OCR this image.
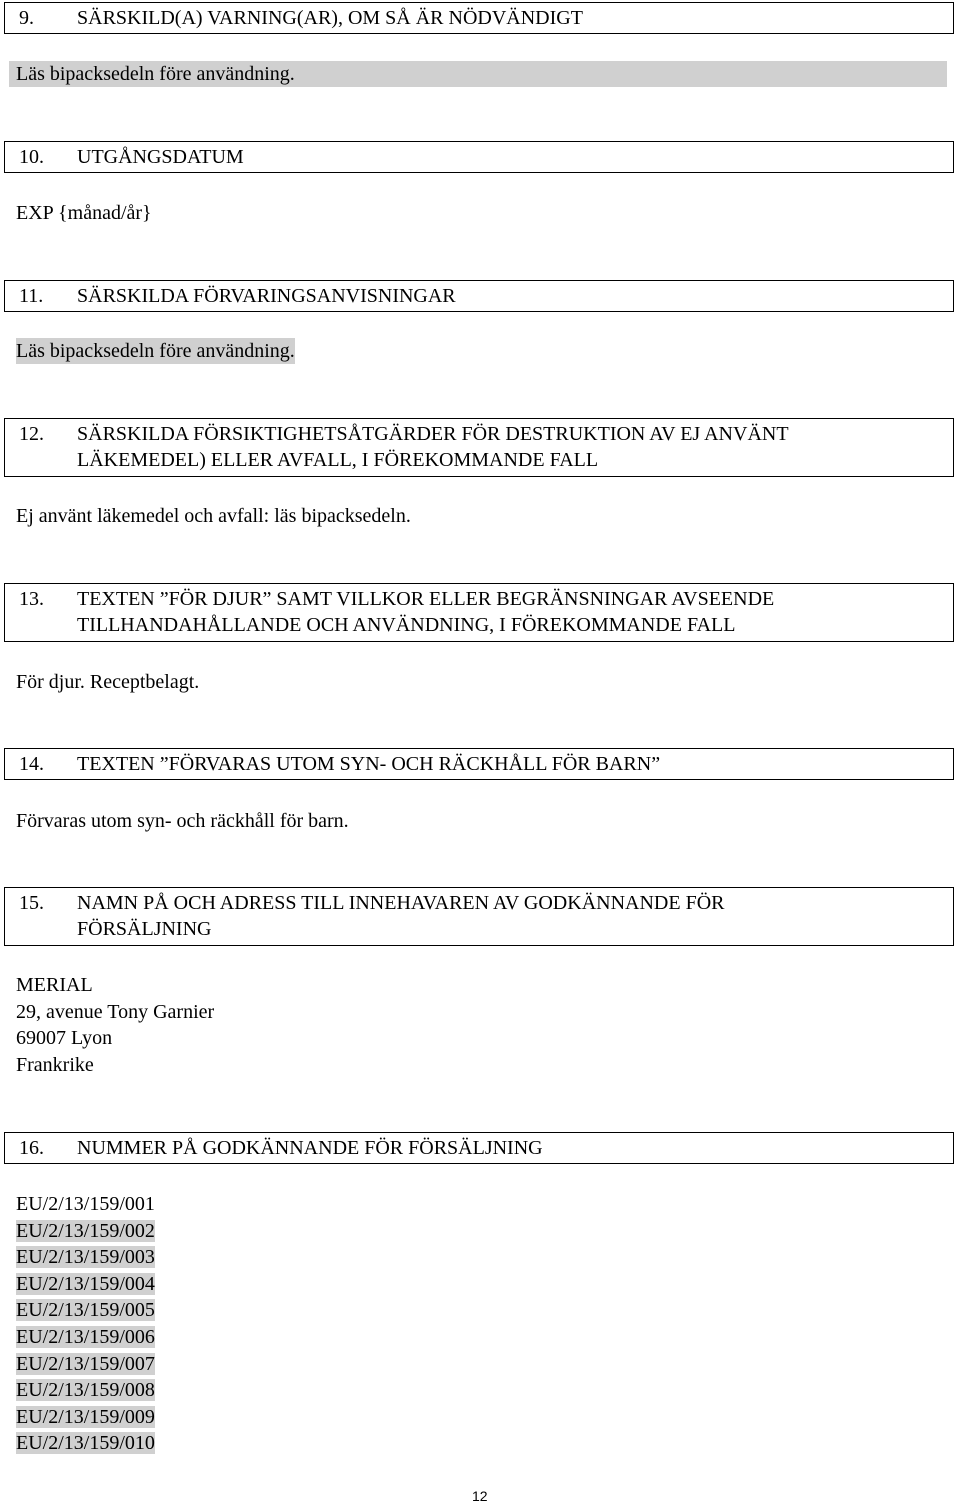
9.	SÄRSKILD(A) VARNING(AR), OM SÅ ÄR NÖDVÄNDIGT
Läs bipacksedeln före användning.
10.	UTGÅNGSDATUM
EXP {månad/år}
11.	SÄRSKILDA FÖRVARINGSANVISNINGAR
Läs bipacksedeln före användning.
12.	SÄRSKILDA FÖRSIKTIGHETSÅTGÄRDER FÖR DESTRUKTION AV EJ ANVÄNT
LÄKEMEDEL) ELLER AVFALL, I FÖREKOMMANDE FALL
Ej använt läkemedel och avfall: läs bipacksedeln.
13.	TEXTEN ”FÖR DJUR” SAMT VILLKOR ELLER BEGRÄNSNINGAR AVSEENDE
TILLHANDAHÅLLANDE OCH ANVÄNDNING, I FÖREKOMMANDE FALL
För djur. Receptbelagt.
14.	TEXTEN ”FÖRVARAS UTOM SYN- OCH RÄCKHÅLL FÖR BARN”
Förvaras utom syn- och räckhåll för barn.
15.	NAMN PÅ OCH ADRESS TILL INNEHAVAREN AV GODKÄNNANDE FÖR
FÖRSÄLJNING
MERIAL
29, avenue Tony Garnier
69007 Lyon
Frankrike
16.	NUMMER PÅ GODKÄNNANDE FÖR FÖRSÄLJNING
EU/2/13/159/001
EU/2/13/159/002
EU/2/13/159/003
EU/2/13/159/004
EU/2/13/159/005
EU/2/13/159/006
EU/2/13/159/007
EU/2/13/159/008
EU/2/13/159/009
EU/2/13/159/010
12
